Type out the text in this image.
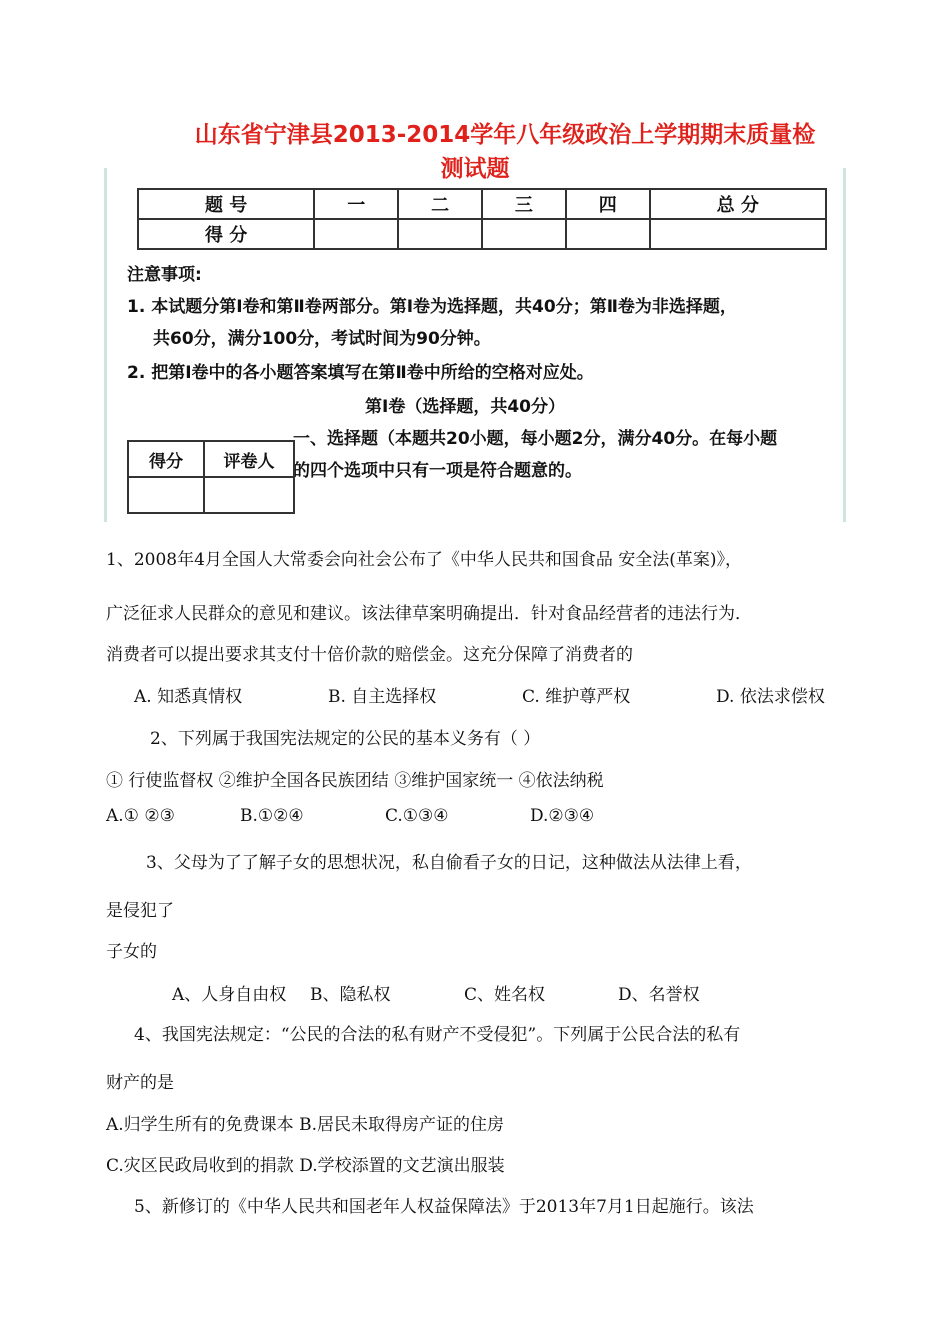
山东省宁津县2013-2014学年八年级政治上学期期末质量检
测试题
题 号	一	二	三	四	总 分
得 分					
注意事项:
1. 本试题分第Ⅰ卷和第Ⅱ卷两部分。第Ⅰ卷为选择题，共40分；第Ⅱ卷为非选择题，
共60分，满分100分，考试时间为90分钟。
2. 把第Ⅰ卷中的各小题答案填写在第Ⅱ卷中所给的空格对应处。
第Ⅰ卷（选择题，共40分）
一、选择题（本题共20小题，每小题2分，满分40分。在每小题
的四个选项中只有一项是符合题意的。
得分	评卷人

1、2008年4月全国人大常委会向社会公布了《中华人民共和国食品 安全法(革案)》，
广泛征求人民群众的意见和建议。该法律草案明确提出．针对食品经营者的违法行为．
消费者可以提出要求其支付十倍价款的赔偿金。这充分保障了消费者的
A. 知悉真情权	B. 自主选择权	C. 维护尊严权	D. 依法求偿权
2、下列属于我国宪法规定的公民的基本义务有（ ）
① 行使监督权 ②维护全国各民族团结 ③维护国家统一 ④依法纳税
A.① ②③	B.①②④	C.①③④	D.②③④
3、父母为了了解子女的思想状况，私自偷看子女的日记，这种做法从法律上看，
是侵犯了
子女的
A、人身自由权 B、隐私权	C、姓名权	D、名誉权
4、我国宪法规定：“公民的合法的私有财产不受侵犯”。下列属于公民合法的私有
财产的是
A.归学生所有的免费课本 B.居民未取得房产证的住房
C.灾区民政局收到的捐款 D.学校添置的文艺演出服装
5、新修订的《中华人民共和国老年人权益保障法》于2013年7月1日起施行。该法
